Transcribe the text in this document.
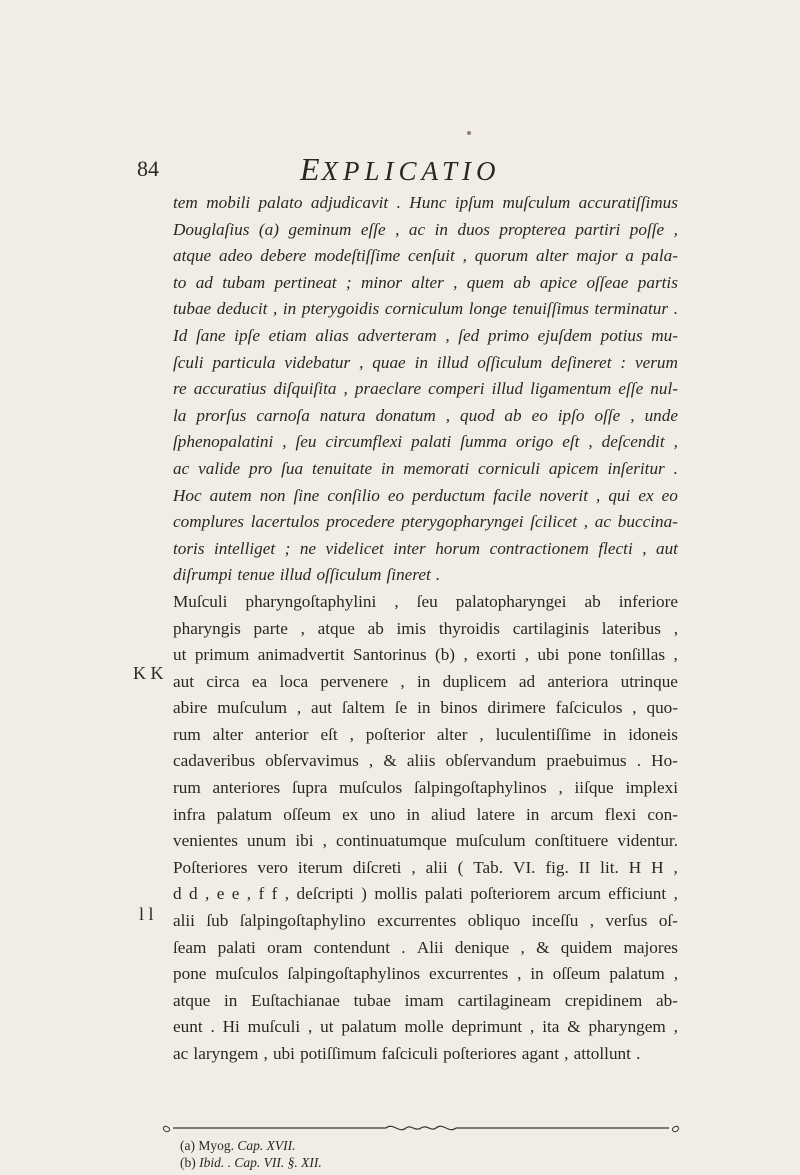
84	EXPLICATIO
K K
l l
tem mobili palato adjudicavit . Hunc ipſum muſculum accuratiſſimus
Douglaſius (a) geminum eſſe , ac in duos propterea partiri poſſe ,
atque adeo debere modeſtiſſime cenſuit , quorum alter major a pala-
to ad tubam pertineat ; minor alter , quem ab apice oſſeae partis
tubae deducit , in pterygoidis corniculum longe tenuiſſimus terminatur .
Id ſane ipſe etiam alias adverteram , ſed primo ejuſdem potius mu-
ſculi particula videbatur , quae in illud oſſiculum deſineret : verum
re accuratius diſquiſita , praeclare comperi illud ligamentum eſſe nul-
la prorſus carnoſa natura donatum , quod ab eo ipſo oſſe , unde
ſphenopalatini , ſeu circumflexi palati ſumma origo eſt , deſcendit ,
ac valide pro ſua tenuitate in memorati corniculi apicem inſeritur .
Hoc autem non ſine conſilio eo perductum facile noverit , qui ex eo
complures lacertulos procedere pterygopharyngei ſcilicet , ac buccina-
toris intelliget ; ne videlicet inter horum contractionem flecti , aut
diſrumpi tenue illud oſſiculum ſineret .
Muſculi pharyngoſtaphylini , ſeu palatopharyngei ab inferiore
pharyngis parte , atque ab imis thyroidis cartilaginis lateribus ,
ut primum animadvertit Santorinus (b) , exorti , ubi pone tonſillas ,
aut circa ea loca pervenere , in duplicem ad anteriora utrinque
abire muſculum , aut ſaltem ſe in binos dirimere faſciculos , quo-
rum alter anterior eſt , poſterior alter , luculentiſſime in idoneis
cadaveribus obſervavimus , & aliis obſervandum praebuimus . Ho-
rum anteriores ſupra muſculos ſalpingoſtaphylinos , iiſque implexi
infra palatum oſſeum ex uno in aliud latere in arcum flexi con-
venientes unum ibi , continuatumque muſculum conſtituere videntur.
Poſteriores vero iterum diſcreti , alii ( Tab. VI. fig. II lit. H H ,
d d , e e , f f , deſcripti ) mollis palati poſteriorem arcum efficiunt ,
alii ſub ſalpingoſtaphylino excurrentes obliquo inceſſu , verſus oſ-
ſeam palati oram contendunt . Alii denique , & quidem majores
pone muſculos ſalpingoſtaphylinos excurrentes , in oſſeum palatum ,
atque in Euſtachianae tubae imam cartilagineam crepidinem ab-
eunt . Hi muſculi , ut palatum molle deprimunt , ita & pharyngem ,
ac laryngem , ubi potiſſimum faſciculi poſteriores agant , attollunt .
(a) Myog. Cap. XVII.
(b) Ibid. . Cap. VII. §. XII.
